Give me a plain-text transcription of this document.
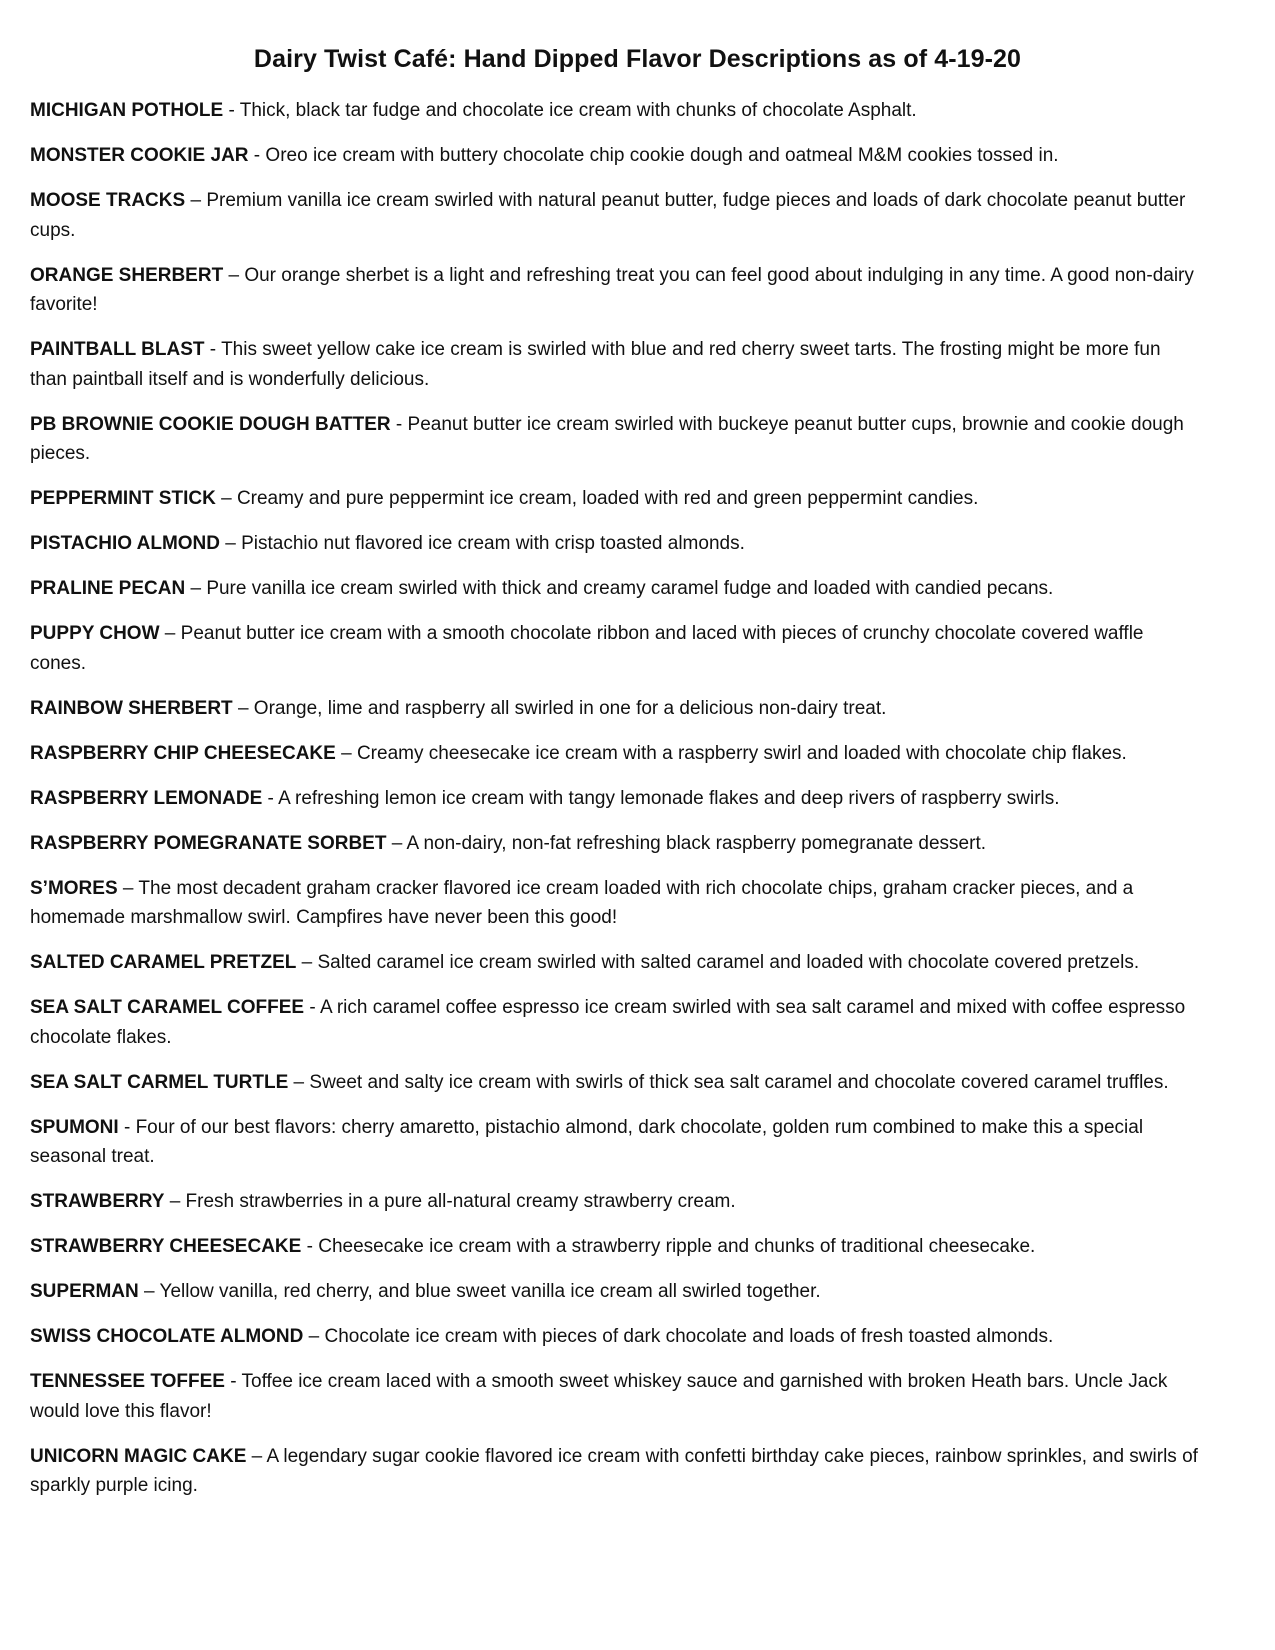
Dairy Twist Café: Hand Dipped Flavor Descriptions as of 4-19-20
MICHIGAN POTHOLE - Thick, black tar fudge and chocolate ice cream with chunks of chocolate Asphalt.
MONSTER COOKIE JAR - Oreo ice cream with buttery chocolate chip cookie dough and oatmeal M&M cookies tossed in.
MOOSE TRACKS – Premium vanilla ice cream swirled with natural peanut butter, fudge pieces and loads of dark chocolate peanut butter cups.
ORANGE SHERBERT – Our orange sherbet is a light and refreshing treat you can feel good about indulging in any time. A good non-dairy favorite!
PAINTBALL BLAST - This sweet yellow cake ice cream is swirled with blue and red cherry sweet tarts. The frosting might be more fun than paintball itself and is wonderfully delicious.
PB BROWNIE COOKIE DOUGH BATTER - Peanut butter ice cream swirled with buckeye peanut butter cups, brownie and cookie dough pieces.
PEPPERMINT STICK – Creamy and pure peppermint ice cream, loaded with red and green peppermint candies.
PISTACHIO ALMOND – Pistachio nut flavored ice cream with crisp toasted almonds.
PRALINE PECAN – Pure vanilla ice cream swirled with thick and creamy caramel fudge and loaded with candied pecans.
PUPPY CHOW – Peanut butter ice cream with a smooth chocolate ribbon and laced with pieces of crunchy chocolate covered waffle cones.
RAINBOW SHERBERT – Orange, lime and raspberry all swirled in one for a delicious non-dairy treat.
RASPBERRY CHIP CHEESECAKE – Creamy cheesecake ice cream with a raspberry swirl and loaded with chocolate chip flakes.
RASPBERRY LEMONADE - A refreshing lemon ice cream with tangy lemonade flakes and deep rivers of raspberry swirls.
RASPBERRY POMEGRANATE SORBET – A non-dairy, non-fat refreshing black raspberry pomegranate dessert.
S’MORES – The most decadent graham cracker flavored ice cream loaded with rich chocolate chips, graham cracker pieces, and a homemade marshmallow swirl. Campfires have never been this good!
SALTED CARAMEL PRETZEL – Salted caramel ice cream swirled with salted caramel and loaded with chocolate covered pretzels.
SEA SALT CARAMEL COFFEE - A rich caramel coffee espresso ice cream swirled with sea salt caramel and mixed with coffee espresso chocolate flakes.
SEA SALT CARMEL TURTLE – Sweet and salty ice cream with swirls of thick sea salt caramel and chocolate covered caramel truffles.
SPUMONI - Four of our best flavors: cherry amaretto, pistachio almond, dark chocolate, golden rum combined to make this a special seasonal treat.
STRAWBERRY – Fresh strawberries in a pure all-natural creamy strawberry cream.
STRAWBERRY CHEESECAKE - Cheesecake ice cream with a strawberry ripple and chunks of traditional cheesecake.
SUPERMAN – Yellow vanilla, red cherry, and blue sweet vanilla ice cream all swirled together.
SWISS CHOCOLATE ALMOND – Chocolate ice cream with pieces of dark chocolate and loads of fresh toasted almonds.
TENNESSEE TOFFEE - Toffee ice cream laced with a smooth sweet whiskey sauce and garnished with broken Heath bars. Uncle Jack would love this flavor!
UNICORN MAGIC CAKE – A legendary sugar cookie flavored ice cream with confetti birthday cake pieces, rainbow sprinkles, and swirls of sparkly purple icing.
